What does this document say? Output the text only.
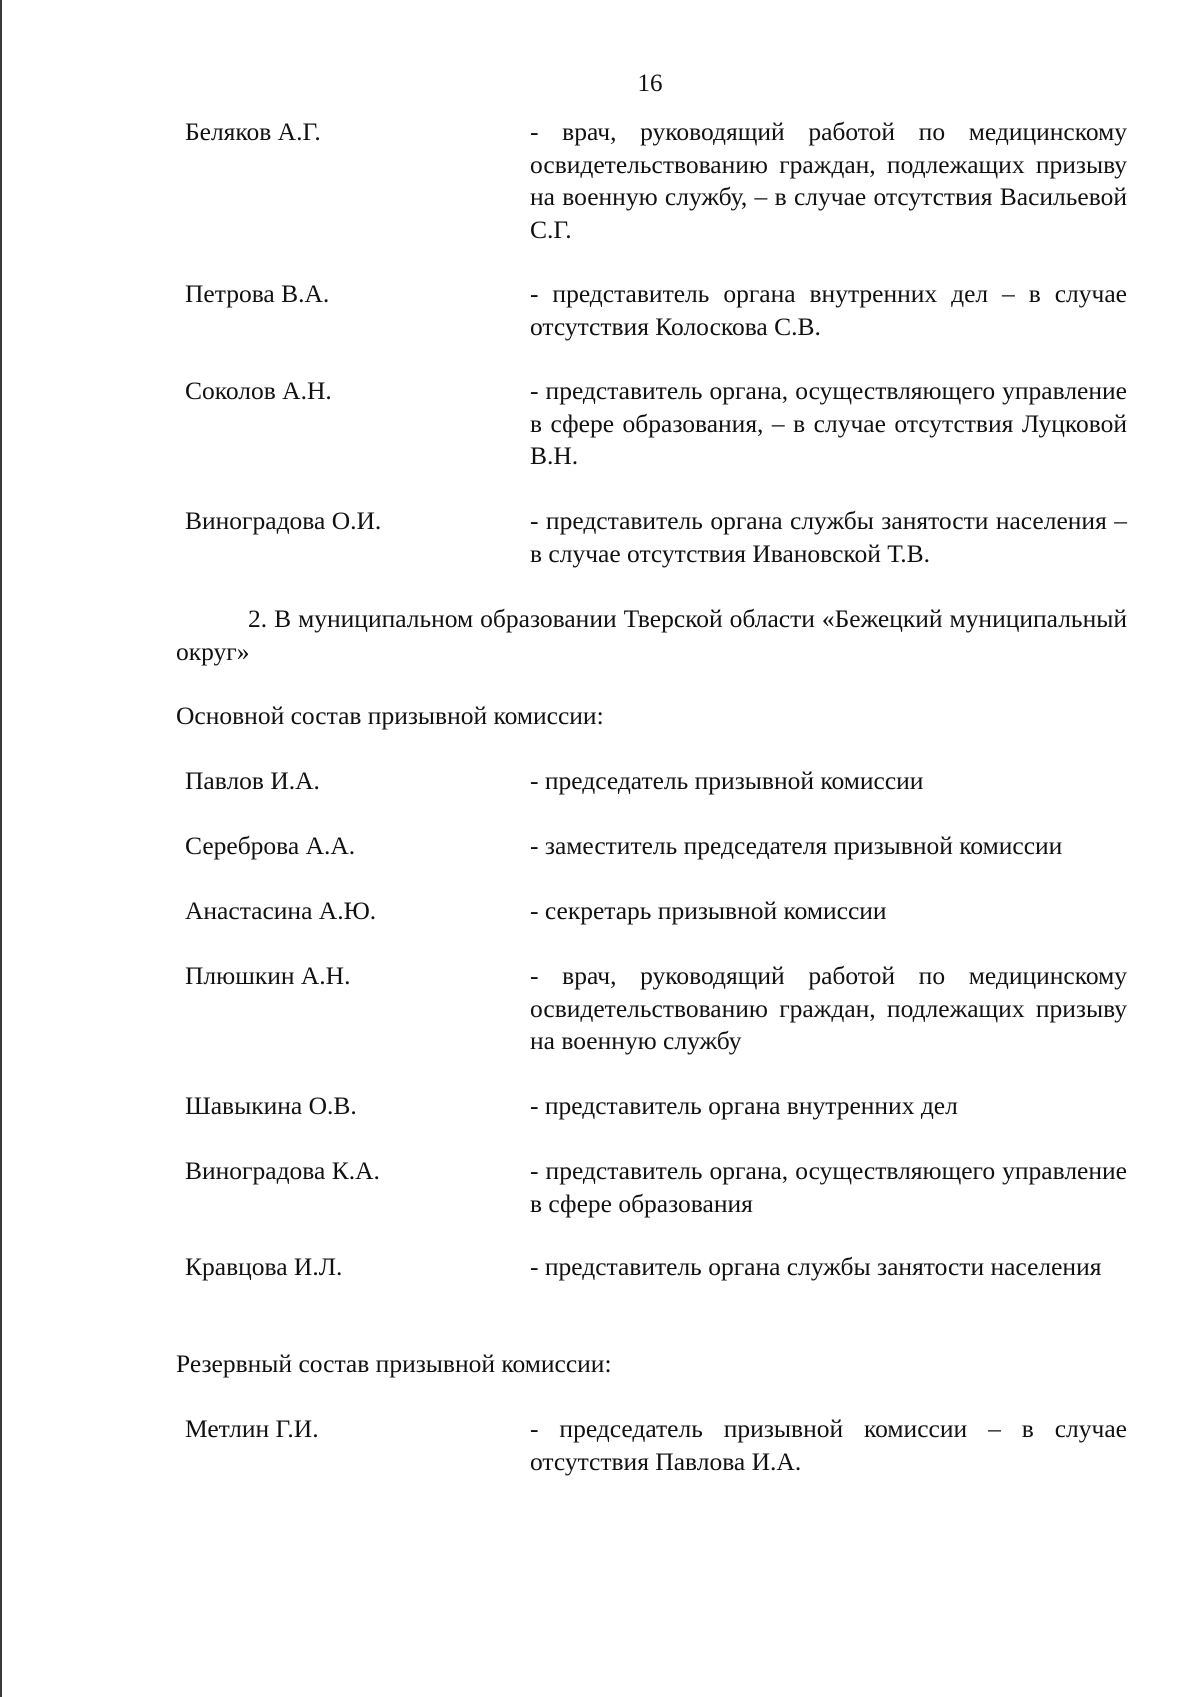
16
Беляков А.Г.	- врач, руководящий работой по медицинскому освидетельствованию граждан, подлежащих призыву на военную службу, – в случае отсутствия Васильевой С.Г.
Петрова В.А.	- представитель органа внутренних дел – в случае отсутствия Колоскова С.В.
Соколов А.Н.	- представитель органа, осуществляющего управление в сфере образования, – в случае отсутствия Луцковой В.Н.
Виноградова О.И.	- представитель органа службы занятости населения – в случае отсутствия Ивановской Т.В.
2. В муниципальном образовании Тверской области «Бежецкий муниципальный округ»
Основной состав призывной комиссии:
Павлов И.А.	- председатель призывной комиссии
Сереброва А.А.	- заместитель председателя призывной комиссии
Анастасина А.Ю.	- секретарь призывной комиссии
Плюшкин А.Н.	- врач, руководящий работой по медицинскому освидетельствованию граждан, подлежащих призыву на военную службу
Шавыкина О.В.	- представитель органа внутренних дел
Виноградова К.А.	- представитель органа, осуществляющего управление в сфере образования
Кравцова И.Л.	- представитель органа службы занятости населения
Резервный состав призывной комиссии:
Метлин Г.И.	- председатель призывной комиссии – в случае отсутствия Павлова И.А.
